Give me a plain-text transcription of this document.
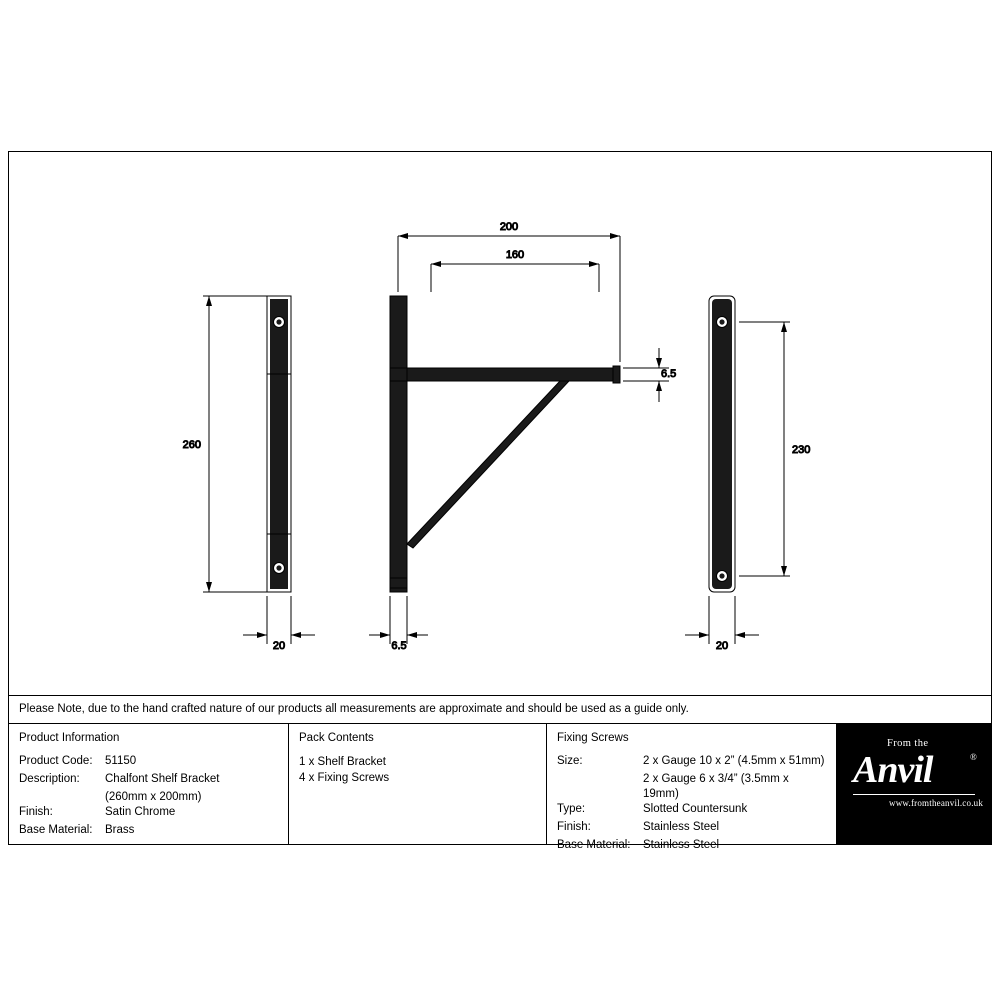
260
20
200
160
6.5
6.5
230
20
Please Note, due to the hand crafted nature of our products all measurements are approximate and should be used as a guide only.
Product Information
Product Code:	51150
Description:	Chalfont Shelf Bracket
(260mm x 200mm)
Finish:	Satin Chrome
Base Material:	Brass
Pack Contents
1 x Shelf Bracket
4 x Fixing Screws
Fixing Screws
Size:	2 x Gauge 10 x 2” (4.5mm x 51mm)
2 x Gauge 6 x 3/4” (3.5mm x 19mm)
Type:	Slotted Countersunk
Finish:	Stainless Steel
Base Material:	Stainless Steel
From the
Anvil	®
www.fromtheanvil.co.uk
